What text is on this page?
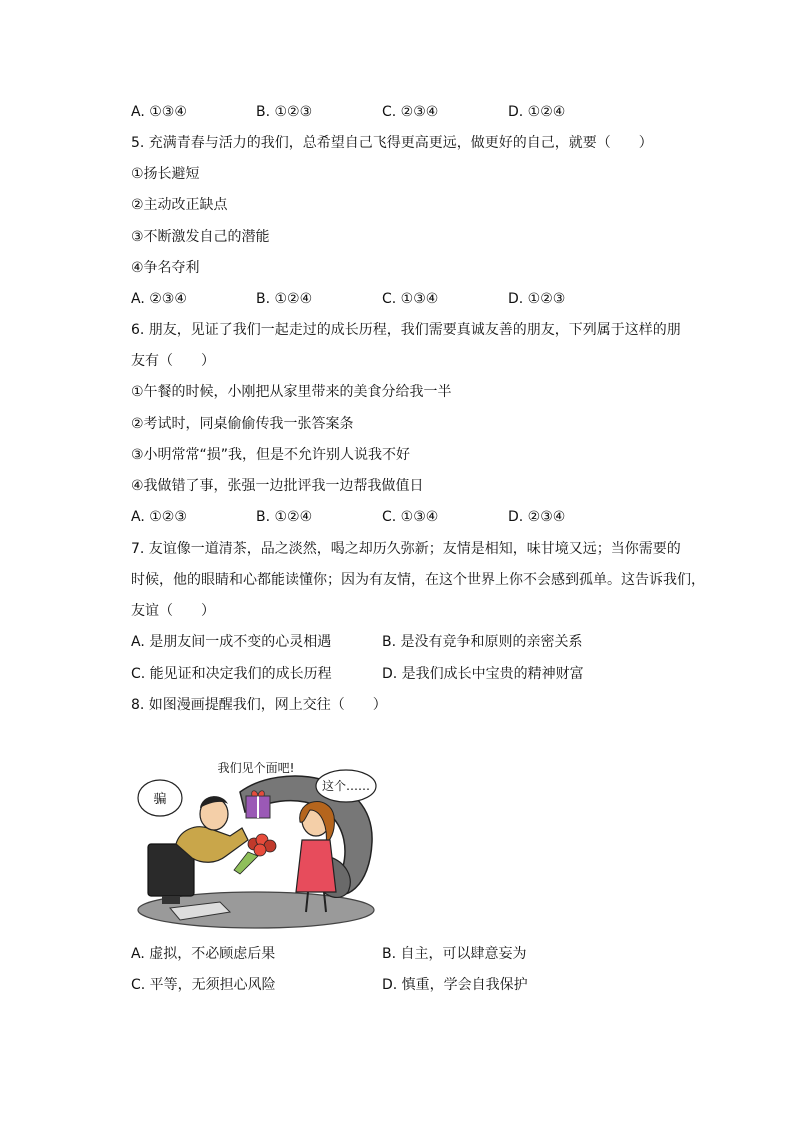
A. ①③④	B. ①②③	C. ②③④	D. ①②④
5. 充满青春与活力的我们，总希望自己飞得更高更远，做更好的自己，就要（　　）
①扬长避短
②主动改正缺点
③不断激发自己的潜能
④争名夺利
A. ②③④	B. ①②④	C. ①③④	D. ①②③
6. 朋友，见证了我们一起走过的成长历程，我们需要真诚友善的朋友，下列属于这样的朋
友有（　　）
①午餐的时候，小刚把从家里带来的美食分给我一半
②考试时，同桌偷偷传我一张答案条
③小明常常“损”我，但是不允许别人说我不好
④我做错了事，张强一边批评我一边帮我做值日
A. ①②③	B. ①②④	C. ①③④	D. ②③④
7. 友谊像一道清茶，品之淡然，喝之却历久弥新；友情是相知，味甘境又远；当你需要的
时候，他的眼睛和心都能读懂你；因为有友情，在这个世界上你不会感到孤单。这告诉我们，
友谊（　　）
A. 是朋友间一成不变的心灵相遇	B. 是没有竞争和原则的亲密关系
C. 能见证和决定我们的成长历程	D. 是我们成长中宝贵的精神财富
8. 如图漫画提醒我们，网上交往（　　）
骗
我们见个面吧!
这个……
A. 虚拟，不必顾虑后果	B. 自主，可以肆意妄为
C. 平等，无须担心风险	D. 慎重，学会自我保护
